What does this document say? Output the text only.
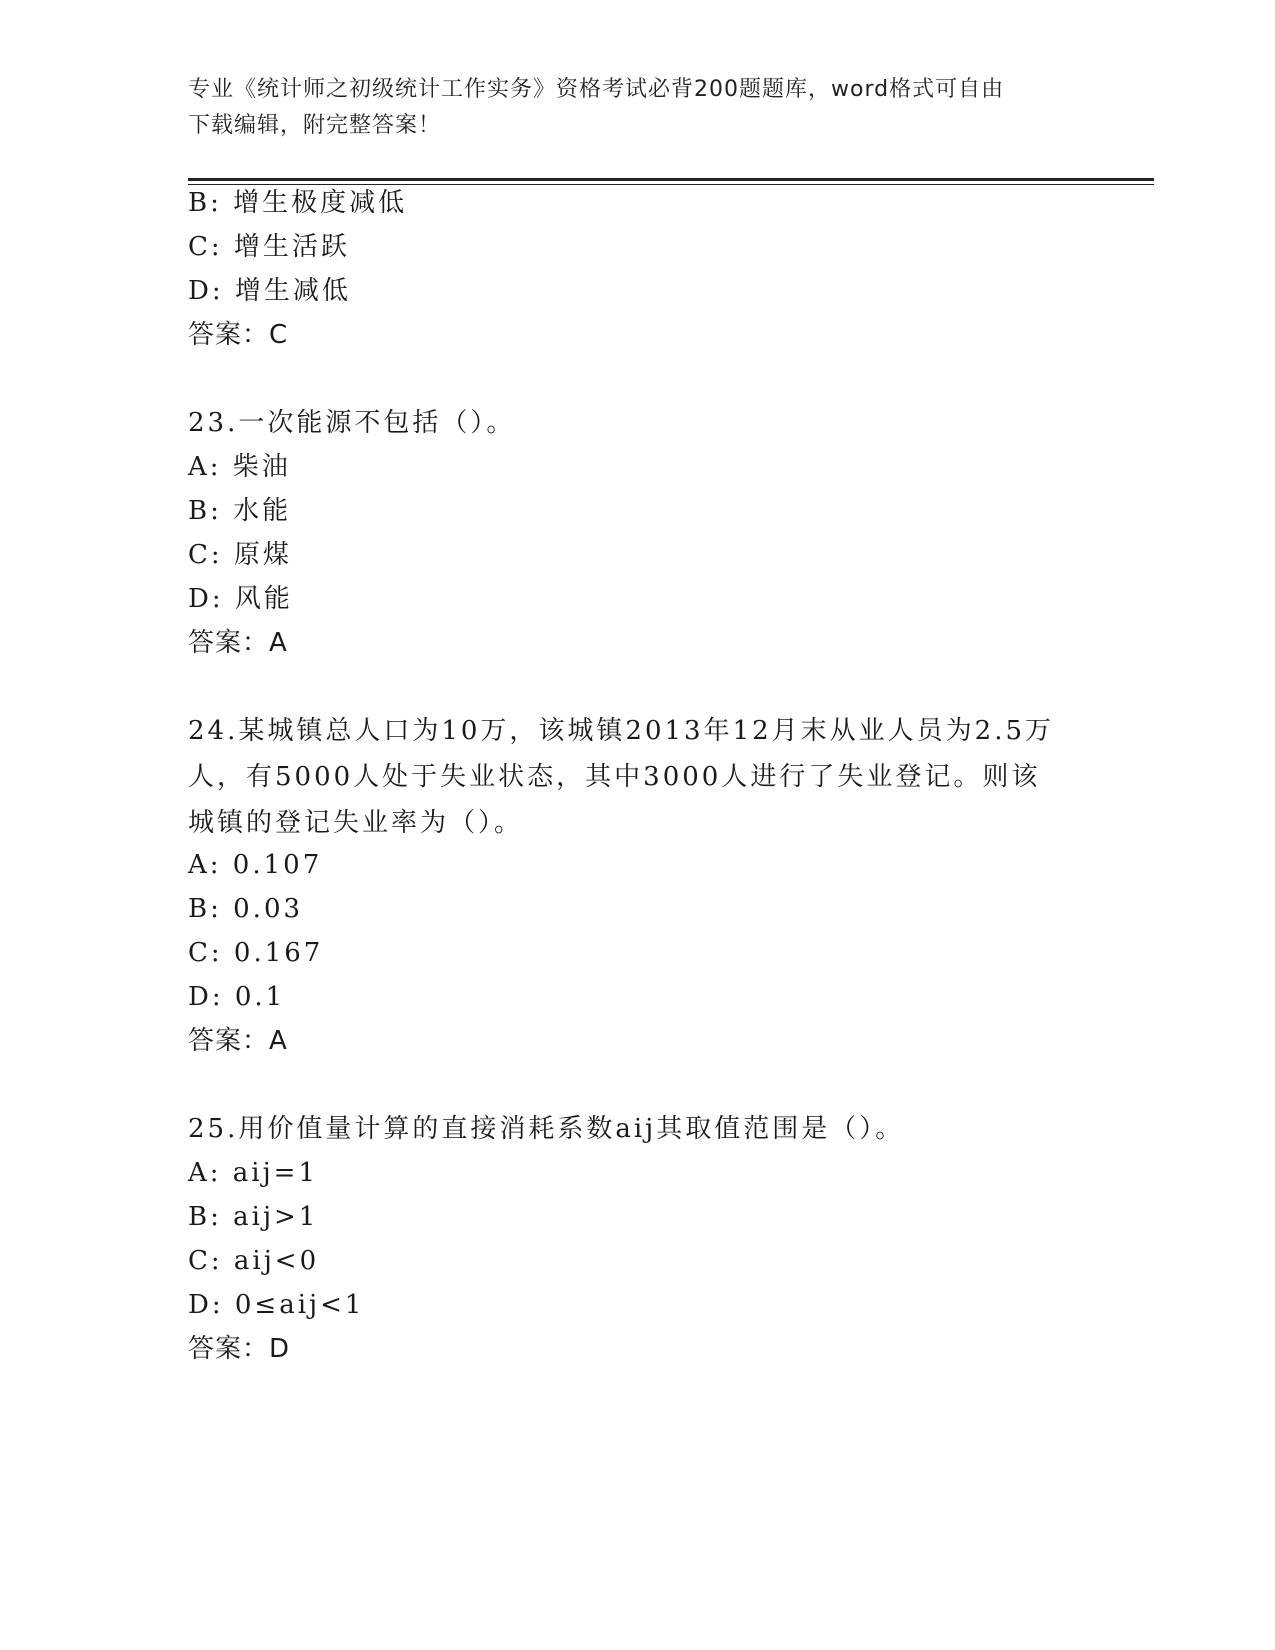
专业《统计师之初级统计工作实务》资格考试必背200题题库，word格式可自由
下载编辑，附完整答案！
B: 增生极度减低
C: 增生活跃
D: 增生减低
答案：C
23.一次能源不包括（）。
A: 柴油
B: 水能
C: 原煤
D: 风能
答案：A
24.某城镇总人口为10万，该城镇2013年12月末从业人员为2.5万人，有5000人处于失业状态，其中3000人进行了失业登记。则该城镇的登记失业率为（）。
A: 0.107
B: 0.03
C: 0.167
D: 0.1
答案：A
25.用价值量计算的直接消耗系数aij其取值范围是（）。
A: aij=1
B: aij>1
C: aij<0
D: 0≤aij<1
答案：D
